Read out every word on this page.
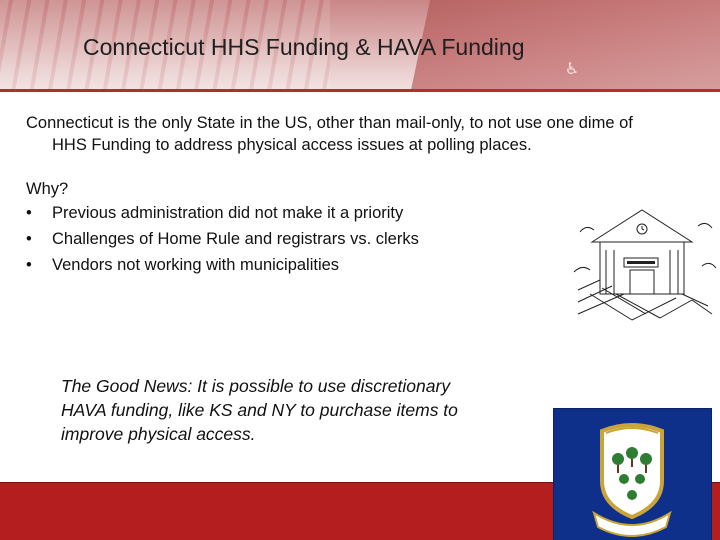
♿
Connecticut HHS Funding & HAVA Funding
Connecticut is the only State in the US, other than mail-only, to not use one dime of
HHS Funding to address physical access issues at polling places.
Why?
• Previous administration did not make it a priority
• Challenges of Home Rule and registrars vs. clerks
• Vendors not working with municipalities
The Good News: It is possible to use discretionary
HAVA funding, like KS and NY to purchase items to
improve physical access.
